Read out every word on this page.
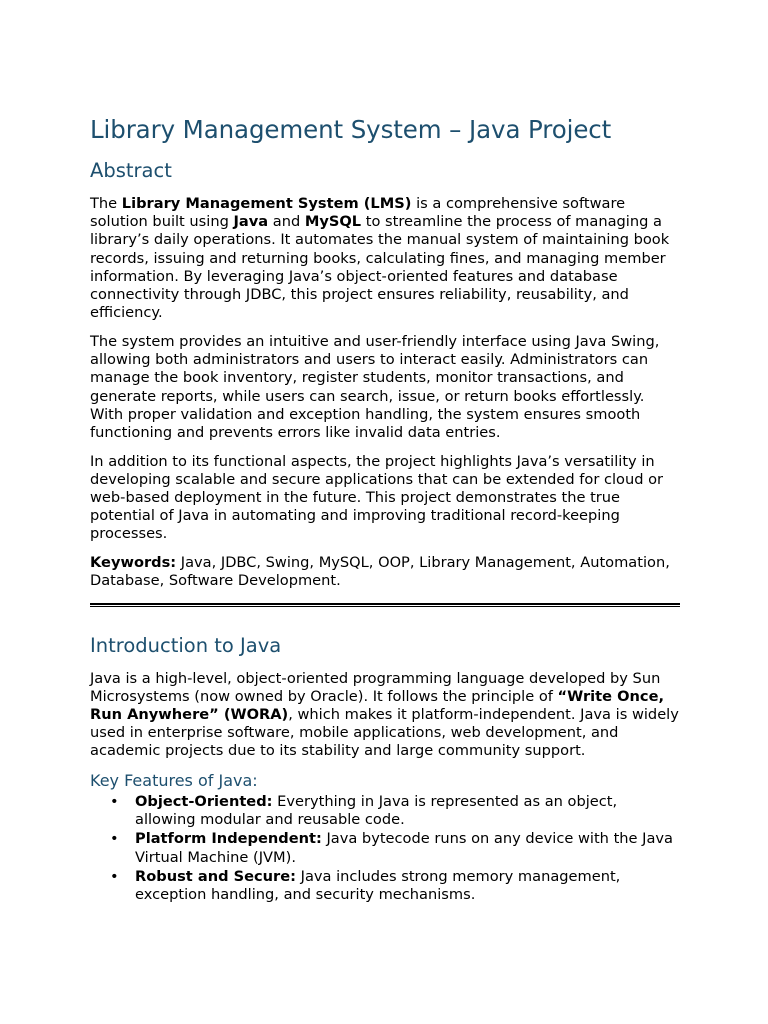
Library Management System – Java Project
Abstract

The Library Management System (LMS) is a comprehensive software solution built using Java and MySQL to streamline the process of managing a library’s daily operations. It automates the manual system of maintaining book records, issuing and returning books, calculating fines, and managing member information. By leveraging Java’s object-oriented features and database connectivity through JDBC, this project ensures reliability, reusability, and efficiency.

The system provides an intuitive and user-friendly interface using Java Swing, allowing both administrators and users to interact easily. Administrators can manage the book inventory, register students, monitor transactions, and generate reports, while users can search, issue, or return books effortlessly. With proper validation and exception handling, the system ensures smooth functioning and prevents errors like invalid data entries.

In addition to its functional aspects, the project highlights Java’s versatility in developing scalable and secure applications that can be extended for cloud or web-based deployment in the future. This project demonstrates the true potential of Java in automating and improving traditional record-keeping processes.

Keywords: Java, JDBC, Swing, MySQL, OOP, Library Management, Automation, Database, Software Development.

Introduction to Java

Java is a high-level, object-oriented programming language developed by Sun Microsystems (now owned by Oracle). It follows the principle of “Write Once, Run Anywhere” (WORA), which makes it platform-independent. Java is widely used in enterprise software, mobile applications, web development, and academic projects due to its stability and large community support.

Key Features of Java:
• Object-Oriented: Everything in Java is represented as an object, allowing modular and reusable code.
• Platform Independent: Java bytecode runs on any device with the Java Virtual Machine (JVM).
• Robust and Secure: Java includes strong memory management, exception handling, and security mechanisms.
